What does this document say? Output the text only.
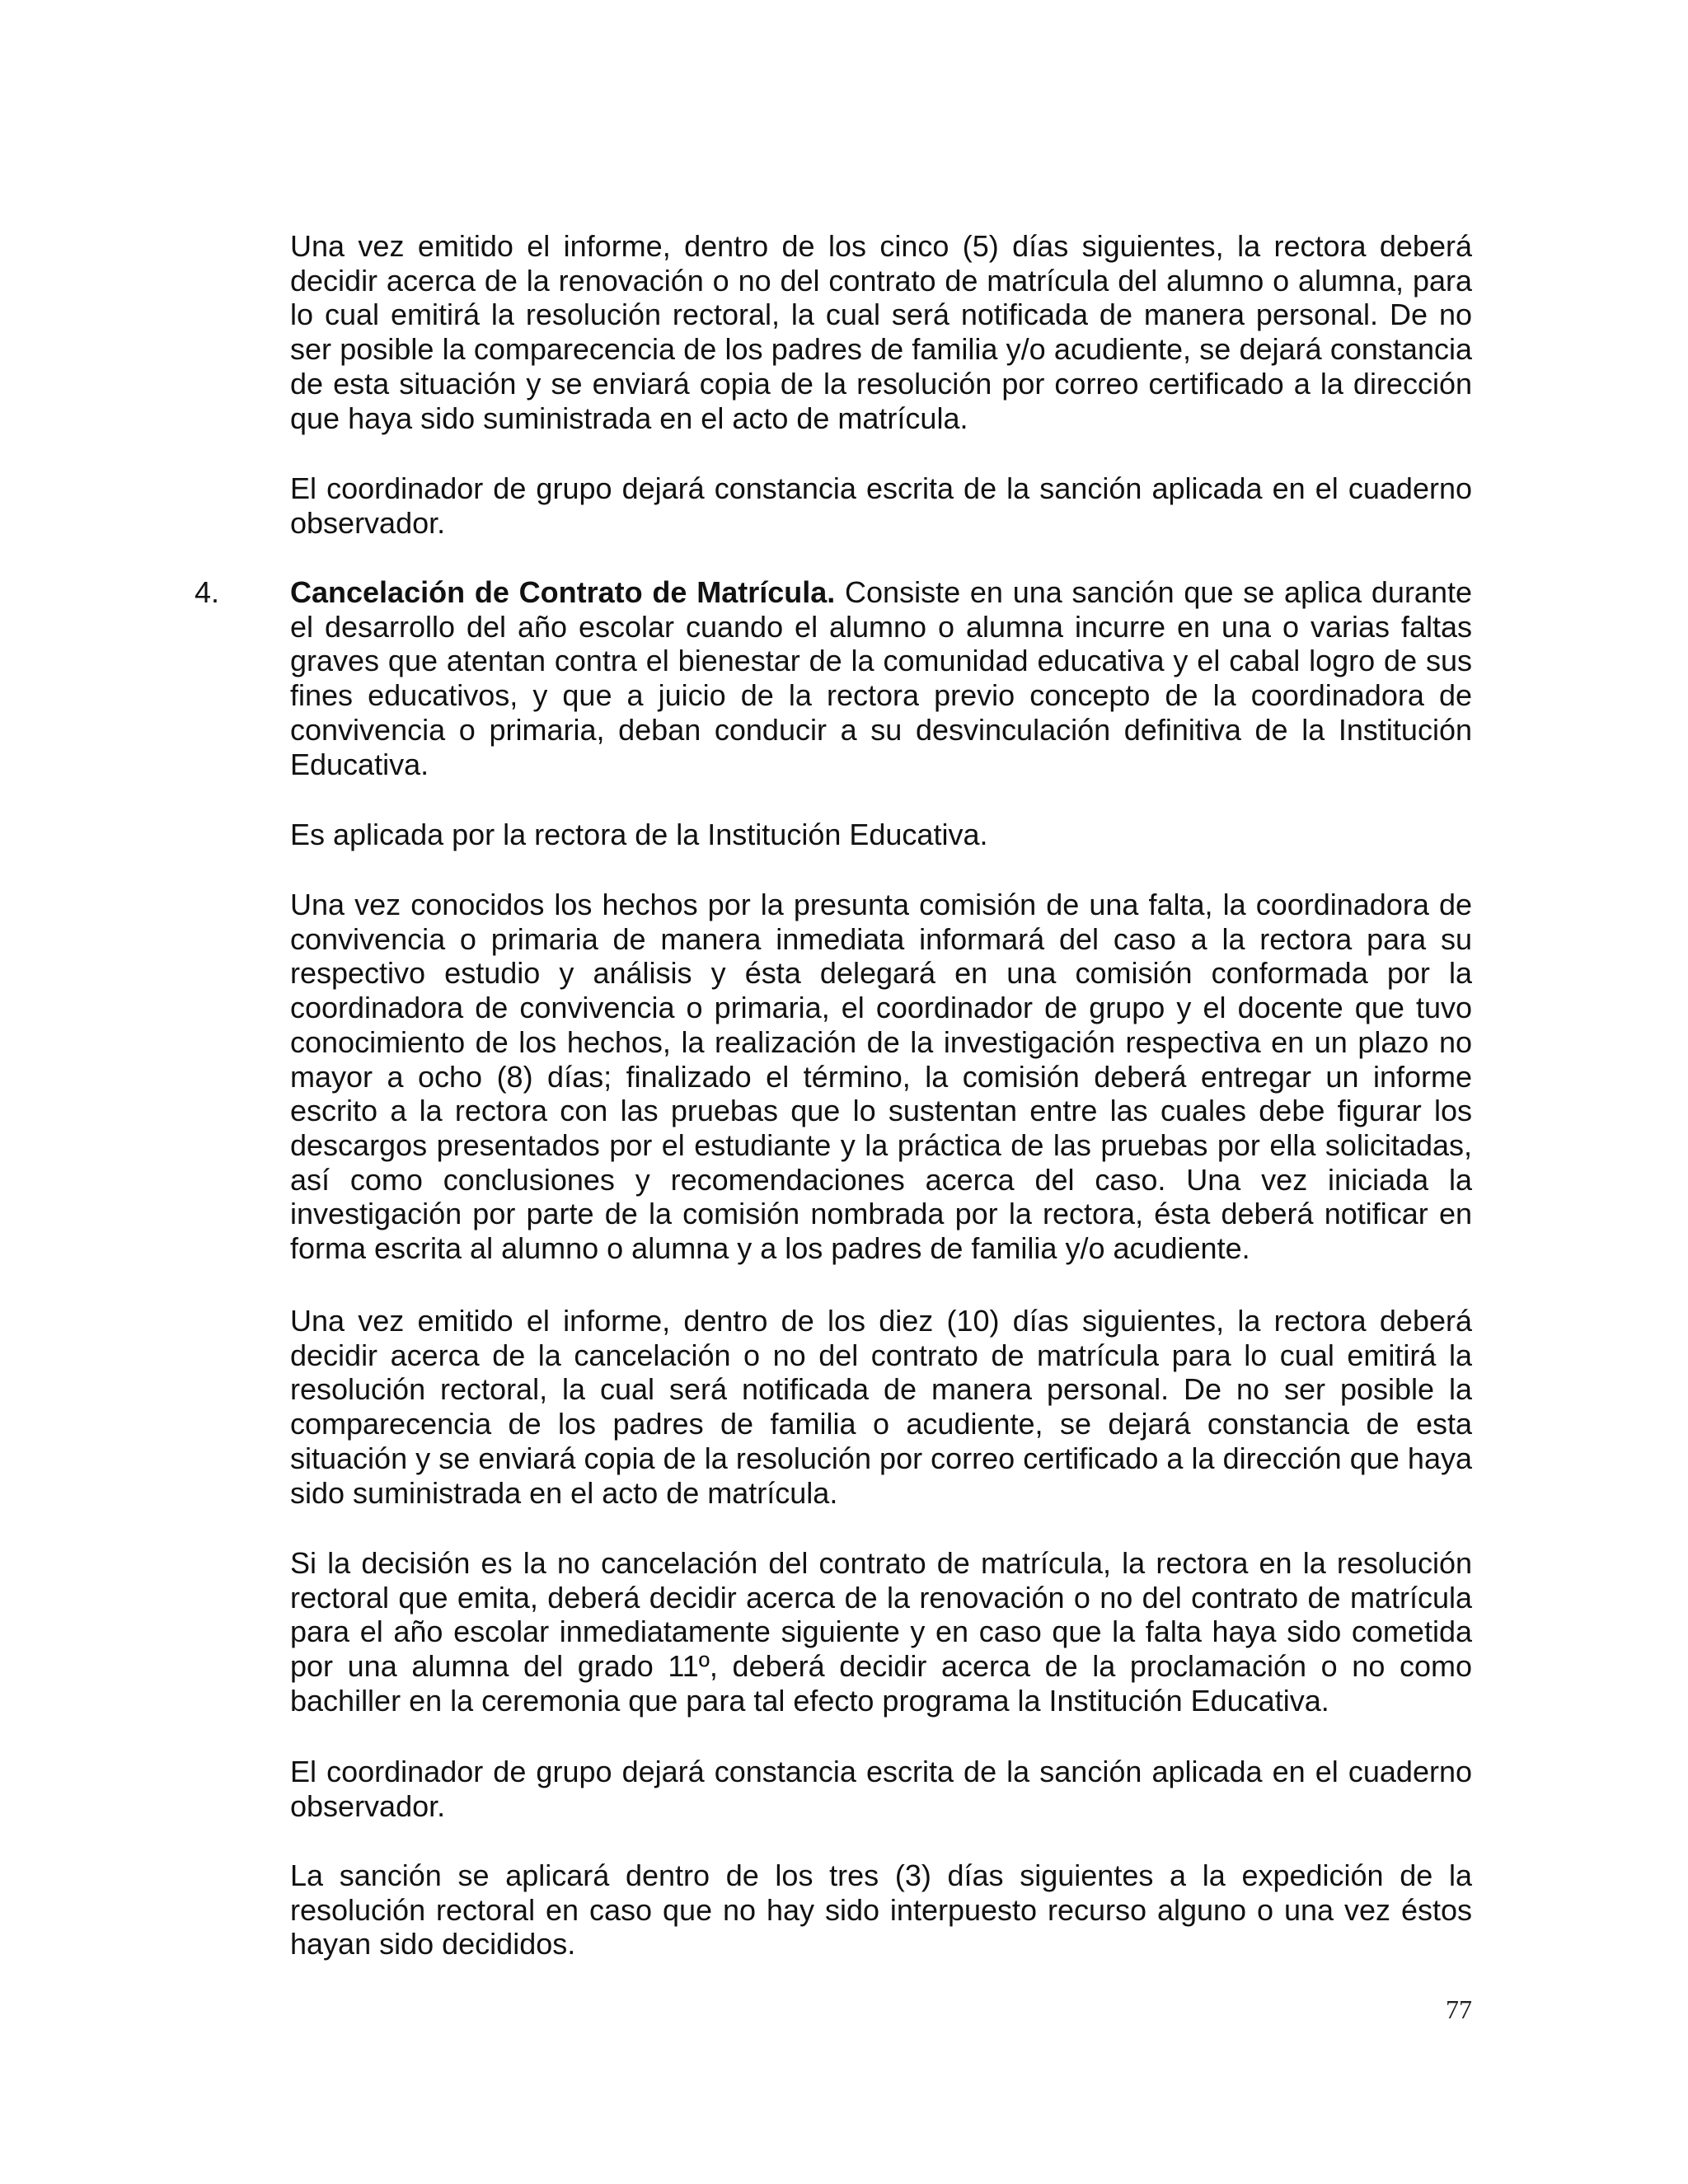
Una vez emitido el informe, dentro de los cinco (5) días siguientes, la rectora deberá decidir acerca de la renovación o no del contrato de matrícula del alumno o alumna, para lo cual emitirá la resolución rectoral, la cual será notificada de manera personal. De no ser posible la comparecencia de los padres de familia y/o acudiente, se dejará constancia de esta situación y se enviará copia de la resolución por correo certificado a la dirección que haya sido suministrada en el acto de matrícula.

El coordinador de grupo dejará constancia escrita de la sanción aplicada en el cuaderno observador.

4. Cancelación de Contrato de Matrícula. Consiste en una sanción que se aplica durante el desarrollo del año escolar cuando el alumno o alumna incurre en una o varias faltas graves que atentan contra el bienestar de la comunidad educativa y el cabal logro de sus fines educativos, y que a juicio de la rectora previo concepto de la coordinadora de convivencia o primaria, deban conducir a su desvinculación definitiva de la Institución Educativa.

Es aplicada por la rectora de la Institución Educativa.

Una vez conocidos los hechos por la presunta comisión de una falta, la coordinadora de convivencia o primaria de manera inmediata informará del caso a la rectora para su respectivo estudio y análisis y ésta delegará en una comisión conformada por la coordinadora de convivencia o primaria, el coordinador de grupo y el docente que tuvo conocimiento de los hechos, la realización de la investigación respectiva en un plazo no mayor a ocho (8) días; finalizado el término, la comisión deberá entregar un informe escrito a la rectora con las pruebas que lo sustentan entre las cuales debe figurar los descargos presentados por el estudiante y la práctica de las pruebas por ella solicitadas, así como conclusiones y recomendaciones acerca del caso. Una vez iniciada la investigación por parte de la comisión nombrada por la rectora, ésta deberá notificar en forma escrita al alumno o alumna y a los padres de familia y/o acudiente.

Una vez emitido el informe, dentro de los diez (10) días siguientes, la rectora deberá decidir acerca de la cancelación o no del contrato de matrícula para lo cual emitirá la resolución rectoral, la cual será notificada de manera personal. De no ser posible la comparecencia de los padres de familia o acudiente, se dejará constancia de esta situación y se enviará copia de la resolución por correo certificado a la dirección que haya sido suministrada en el acto de matrícula.

Si la decisión es la no cancelación del contrato de matrícula, la rectora en la resolución rectoral que emita, deberá decidir acerca de la renovación o no del contrato de matrícula para el año escolar inmediatamente siguiente y en caso que la falta haya sido cometida por una alumna del grado 11º, deberá decidir acerca de la proclamación o no como bachiller en la ceremonia que para tal efecto programa la Institución Educativa.

El coordinador de grupo dejará constancia escrita de la sanción aplicada en el cuaderno observador.

La sanción se aplicará dentro de los tres (3) días siguientes a la expedición de la resolución rectoral en caso que no hay sido interpuesto recurso alguno o una vez éstos hayan sido decididos.

77
